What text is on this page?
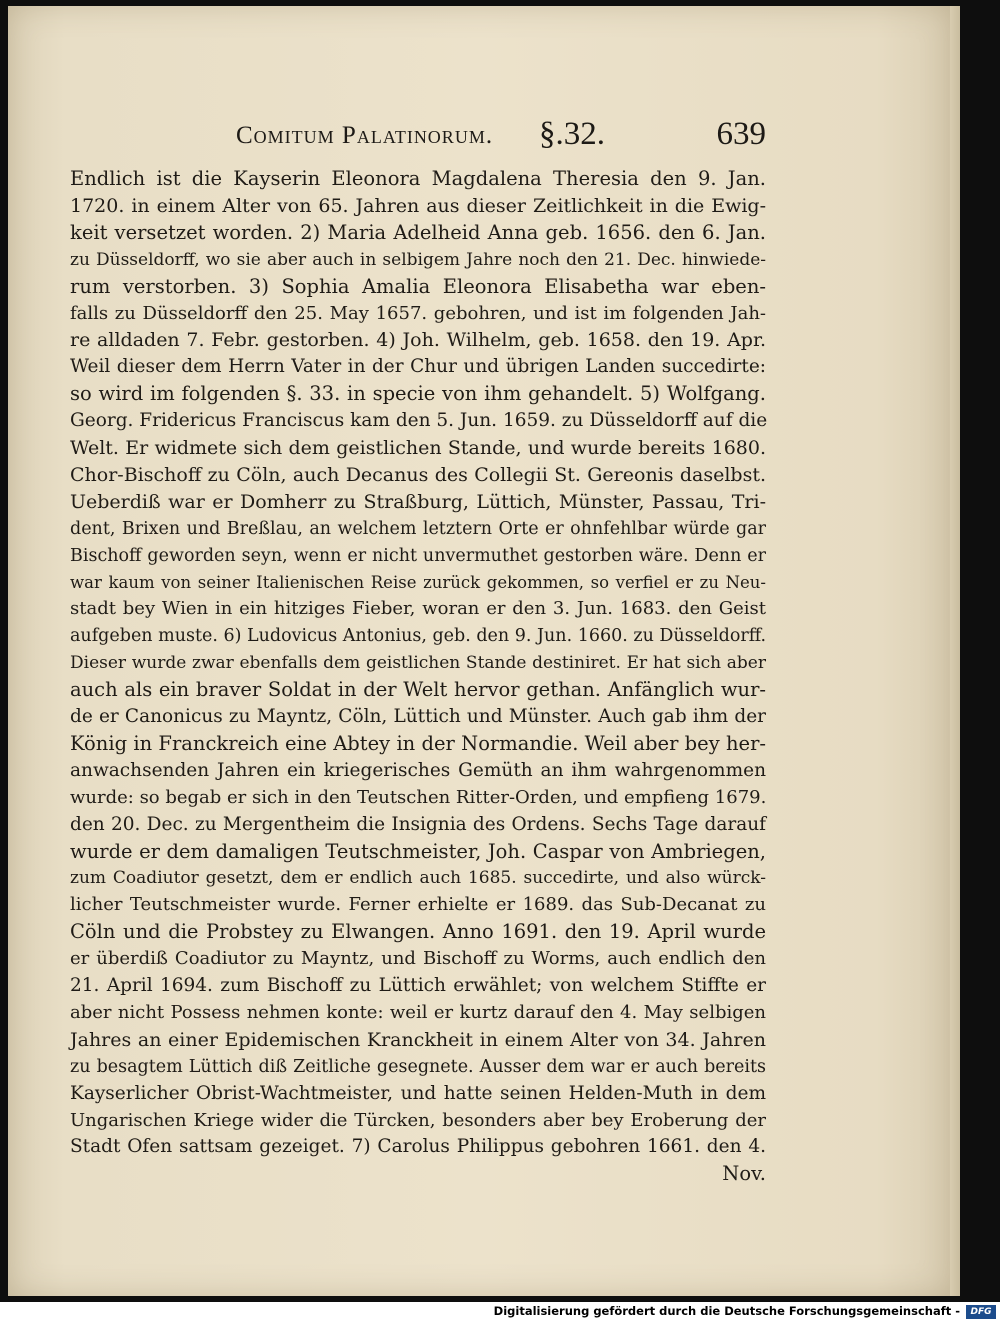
Comitum Palatinorum. §.32.	639
Endlich ist die Kayserin Eleonora Magdalena Theresia den 9. Jan.
1720. in einem Alter von 65. Jahren aus dieser Zeitlichkeit in die Ewig-
keit versetzet worden. 2) Maria Adelheid Anna geb. 1656. den 6. Jan.
zu Düsseldorff, wo sie aber auch in selbigem Jahre noch den 21. Dec. hinwiede-
rum verstorben. 3) Sophia Amalia Eleonora Elisabetha war eben-
falls zu Düsseldorff den 25. May 1657. gebohren, und ist im folgenden Jah-
re alldaden 7. Febr. gestorben. 4) Joh. Wilhelm, geb. 1658. den 19. Apr.
Weil dieser dem Herrn Vater in der Chur und übrigen Landen succedirte:
so wird im folgenden §. 33. in specie von ihm gehandelt. 5) Wolfgang.
Georg. Fridericus Franciscus kam den 5. Jun. 1659. zu Düsseldorff auf die
Welt. Er widmete sich dem geistlichen Stande, und wurde bereits 1680.
Chor-Bischoff zu Cöln, auch Decanus des Collegii St. Gereonis daselbst.
Ueberdiß war er Domherr zu Straßburg, Lüttich, Münster, Passau, Tri-
dent, Brixen und Breßlau, an welchem letztern Orte er ohnfehlbar würde gar
Bischoff geworden seyn, wenn er nicht unvermuthet gestorben wäre. Denn er
war kaum von seiner Italienischen Reise zurück gekommen, so verfiel er zu Neu-
stadt bey Wien in ein hitziges Fieber, woran er den 3. Jun. 1683. den Geist
aufgeben muste. 6) Ludovicus Antonius, geb. den 9. Jun. 1660. zu Düsseldorff.
Dieser wurde zwar ebenfalls dem geistlichen Stande destiniret. Er hat sich aber
auch als ein braver Soldat in der Welt hervor gethan. Anfänglich wur-
de er Canonicus zu Mayntz, Cöln, Lüttich und Münster. Auch gab ihm der
König in Franckreich eine Abtey in der Normandie. Weil aber bey her-
anwachsenden Jahren ein kriegerisches Gemüth an ihm wahrgenommen
wurde: so begab er sich in den Teutschen Ritter-Orden, und empfieng 1679.
den 20. Dec. zu Mergentheim die Insignia des Ordens. Sechs Tage darauf
wurde er dem damaligen Teutschmeister, Joh. Caspar von Ambriegen,
zum Coadiutor gesetzt, dem er endlich auch 1685. succedirte, und also würck-
licher Teutschmeister wurde. Ferner erhielte er 1689. das Sub-Decanat zu
Cöln und die Probstey zu Elwangen. Anno 1691. den 19. April wurde
er überdiß Coadiutor zu Mayntz, und Bischoff zu Worms, auch endlich den
21. April 1694. zum Bischoff zu Lüttich erwählet; von welchem Stiffte er
aber nicht Possess nehmen konte: weil er kurtz darauf den 4. May selbigen
Jahres an einer Epidemischen Kranckheit in einem Alter von 34. Jahren
zu besagtem Lüttich diß Zeitliche gesegnete. Ausser dem war er auch bereits
Kayserlicher Obrist-Wachtmeister, und hatte seinen Helden-Muth in dem
Ungarischen Kriege wider die Türcken, besonders aber bey Eroberung der
Stadt Ofen sattsam gezeiget. 7) Carolus Philippus gebohren 1661. den 4.
Nov.
Digitalisierung gefördert durch die Deutsche Forschungsgemeinschaft -	DFG
